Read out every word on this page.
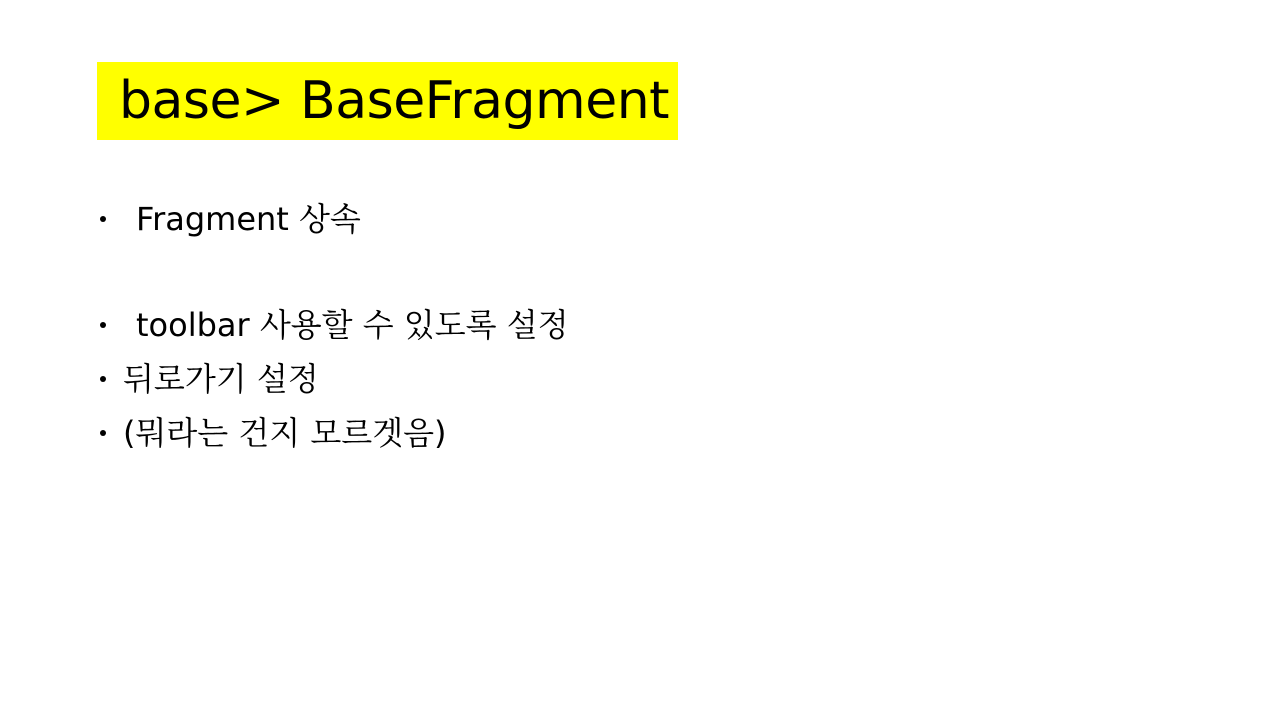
base> BaseFragment
Fragment 상속
toolbar 사용할 수 있도록 설정
뒤로가기 설정
(뭐라는 건지 모르겟음)
